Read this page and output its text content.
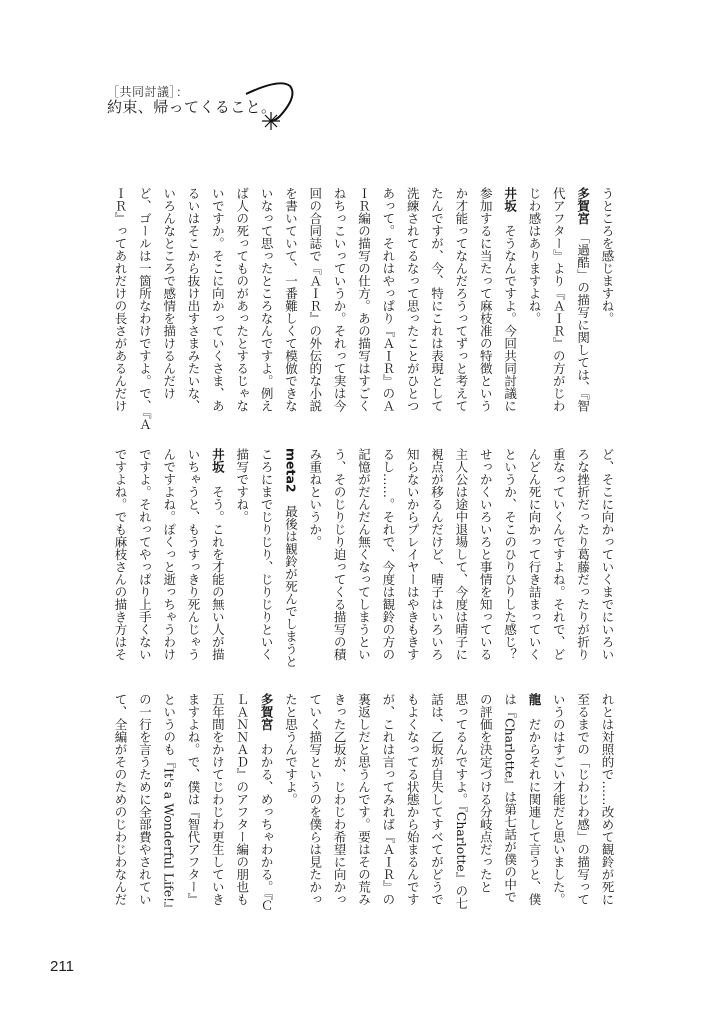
［共同討議］：
約束、帰ってくること。
うところを感じますね。
多賀宮　「過酷」の描写に関しては、『智
代アフター』より『ＡＩＲ』の方がじわ
じわ感はありますよね。
井坂　そうなんですよ。今回共同討議に
参加するに当たって麻枝准の特徴という
か才能ってなんだろうってずっと考えて
たんですが、今、特にこれは表現として
洗練されてるなって思ったことがひとつ
あって。それはやっぱり『ＡＩＲ』のＡ
ＩＲ編の描写の仕方。あの描写はすごく
ねちっこいっていうか。それって実は今
回の合同誌で『ＡＩＲ』の外伝的な小説
を書いていて、一番難しくて模倣できな
いなって思ったところなんですよ。例え
ば人の死ってものがあったとするじゃな
いですか。そこに向かっていくさま、あ
るいはそこから抜け出すさまみたいな、
いろんなところで感情を描けるんだけ
ど、ゴールは一箇所なわけですよ。で、『Ａ
ＩＲ』ってあれだけの長さがあるんだけ
ど、そこに向かっていくまでにいろい
ろな挫折だったり葛藤だったりが折り
重なっていくんですよね。それで、ど
んどん死に向かって行き詰まっていく
というか、そこのひりひりした感じ？
せっかくいろいろと事情を知っている
主人公は途中退場して、今度は晴子に
視点が移るんだけど、晴子はいろいろ
知らないからプレイヤーはやきもきす
るし……。それで、今度は観鈴の方の
記憶がだんだん無くなってしまうとい
う、そのじりじり迫ってくる描写の積
み重ねというか。
meta2　最後は観鈴が死んでしまうと
ころにまでじりじり、じりじりといく
描写ですね。
井坂　そう。これを才能の無い人が描
いちゃうと、もうすっきり死んじゃう
んですよね。ぽくっと逝っちゃうわけ
ですよ。それってやっぱり上手くない
ですよね。でも麻枝さんの描き方はそ
れとは対照的で……改めて観鈴が死に
至るまでの「じわじわ感」の描写って
いうのはすごい才能だと思いました。
龍　だからそれに関連して言うと、僕
は『Charlotte』は第七話が僕の中で
の評価を決定づける分岐点だったと
思ってるんですよ。『Charlotte』の七
話は、乙坂が自失してすべてがどうで
もよくなってる状態から始まるんです
が、これは言ってみれば『ＡＩＲ』の
裏返しだと思うんです。要はその荒み
きった乙坂が、じわじわ希望に向かっ
ていく描写というのを僕らは見たかっ
たと思うんですよ。
多賀宮　わかる、めっちゃわかる。『Ｃ
ＬＡＮＮＡＤ』のアフター編の朋也も
五年間をかけてじわじわ更生していき
ますよね。で、僕は『智代アフター』
というのも『It's a Wonderful Life!』
の一行を言うために全部費やされてい
て、全編がそのためのじわじわなんだ
211
